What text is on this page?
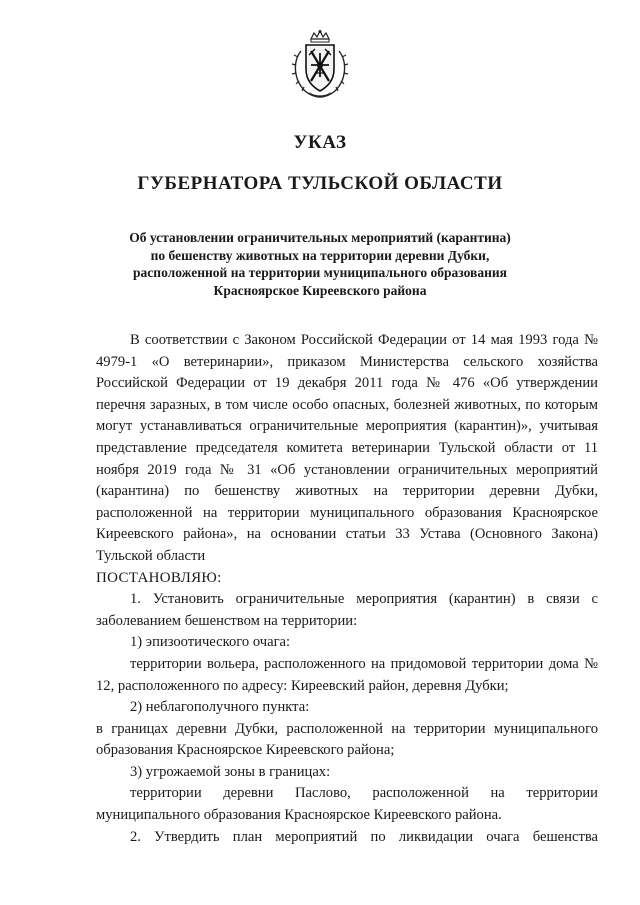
УКАЗ
ГУБЕРНАТОРА ТУЛЬСКОЙ ОБЛАСТИ
Об установлении ограничительных мероприятий (карантина)
по бешенству животных на территории деревни Дубки,
расположенной на территории муниципального образования
Красноярское Киреевского района

В соответствии с Законом Российской Федерации от 14 мая 1993 года № 4979-1 «О ветеринарии», приказом Министерства сельского хозяйства Российской Федерации от 19 декабря 2011 года № 476 «Об утверждении перечня заразных, в том числе особо опасных, болезней животных, по которым могут устанавливаться ограничительные мероприятия (карантин)», учитывая представление председателя комитета ветеринарии Тульской области от 11 ноября 2019 года № 31 «Об установлении ограничительных мероприятий (карантина) по бешенству животных на территории деревни Дубки, расположенной на территории муниципального образования Красноярское Киреевского района», на основании статьи 33 Устава (Основного Закона) Тульской области

ПОСТАНОВЛЯЮ:

1. Установить ограничительные мероприятия (карантин) в связи с заболеванием бешенством на территории:

1) эпизоотического очага:

территории вольера, расположенного на придомовой территории дома № 12, расположенного по адресу: Киреевский район, деревня Дубки;

2) неблагополучного пункта:

в границах деревни Дубки, расположенной на территории муниципального образования Красноярское Киреевского района;

3) угрожаемой зоны в границах:

территории деревни Паслово, расположенной на территории муниципального образования Красноярское Киреевского района.

2. Утвердить план мероприятий по ликвидации очага бешенства
